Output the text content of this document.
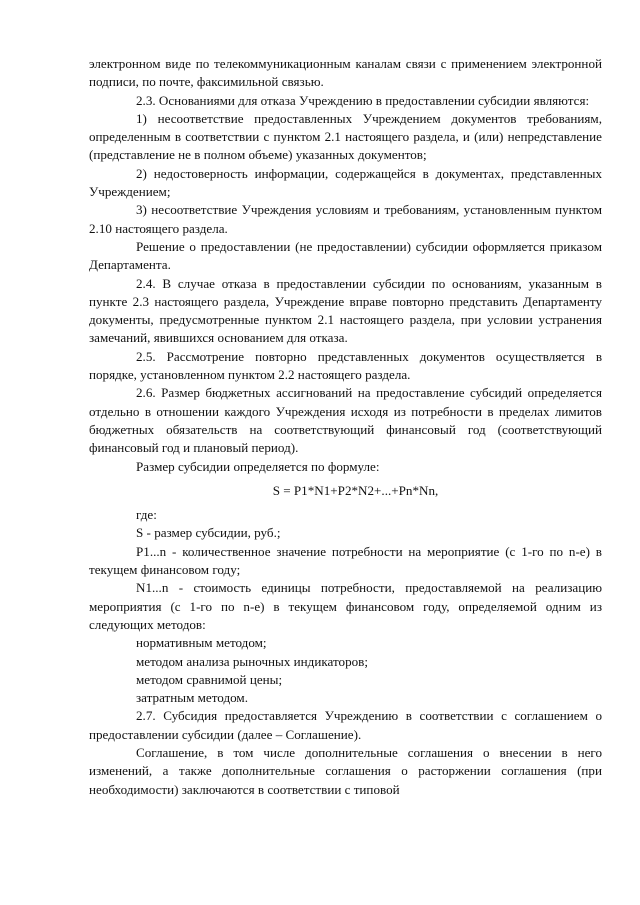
электронном виде по телекоммуникационным каналам связи с применением электронной подписи, по почте, факсимильной связью.

2.3. Основаниями для отказа Учреждению в предоставлении субсидии являются:

1) несоответствие предоставленных Учреждением документов требованиям, определенным в соответствии с пунктом 2.1 настоящего раздела, и (или) непредставление (представление не в полном объеме) указанных документов;

2) недостоверность информации, содержащейся в документах, представленных Учреждением;

3) несоответствие Учреждения условиям и требованиям, установленным пунктом 2.10 настоящего раздела.

Решение о предоставлении (не предоставлении) субсидии оформляется приказом Департамента.

2.4. В случае отказа в предоставлении субсидии по основаниям, указанным в пункте 2.3 настоящего раздела, Учреждение вправе повторно представить Департаменту документы, предусмотренные пунктом 2.1 настоящего раздела, при условии устранения замечаний, явившихся основанием для отказа.

2.5. Рассмотрение повторно представленных документов осуществляется в порядке, установленном пунктом 2.2 настоящего раздела.

2.6. Размер бюджетных ассигнований на предоставление субсидий определяется отдельно в отношении каждого Учреждения исходя из потребности в пределах лимитов бюджетных обязательств на соответствующий финансовый год (соответствующий финансовый год и плановый период).

Размер субсидии определяется по формуле:

S = P1*N1+P2*N2+...+Pn*Nn,

где:

S - размер субсидии, руб.;

P1...n - количественное значение потребности на мероприятие (с 1-го по n-е) в текущем финансовом году;

N1...n - стоимость единицы потребности, предоставляемой на реализацию мероприятия (с 1-го по n-е) в текущем финансовом году, определяемой одним из следующих методов:

нормативным методом;

методом анализа рыночных индикаторов;

методом сравнимой цены;

затратным методом.

2.7. Субсидия предоставляется Учреждению в соответствии с соглашением о предоставлении субсидии (далее – Соглашение).

Соглашение, в том числе дополнительные соглашения о внесении в него изменений, а также дополнительные соглашения о расторжении соглашения (при необходимости) заключаются в соответствии с типовой
